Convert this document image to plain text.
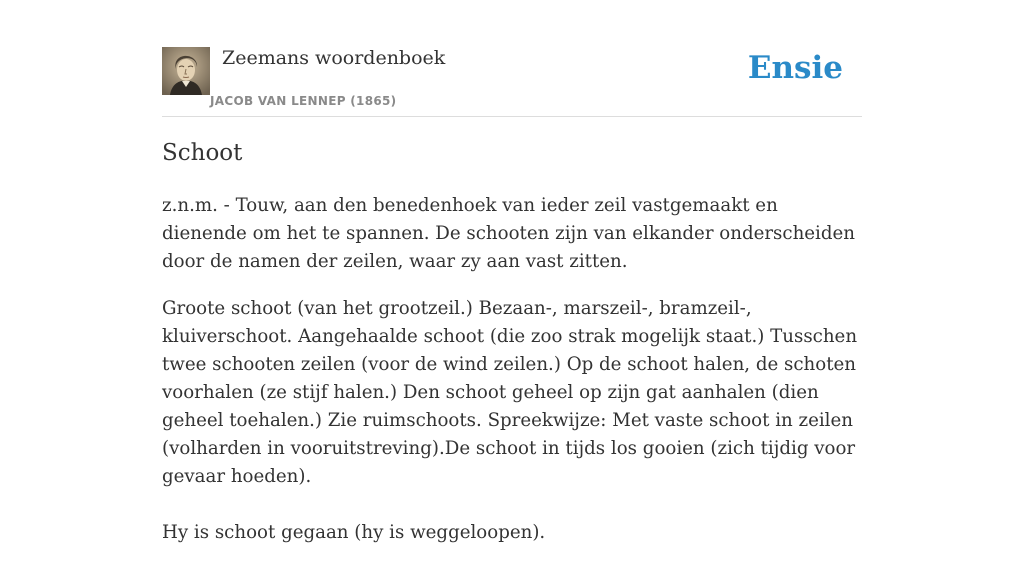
Zeemans woordenboek
JACOB VAN LENNEP (1865)
Ensie
Schoot

z.n.m. - Touw, aan den benedenhoek van ieder zeil vastgemaakt en dienende om het te spannen. De schooten zijn van elkander onderscheiden door de namen der zeilen, waar zy aan vast zitten.

Groote schoot (van het grootzeil.) Bezaan-, marszeil-, bramzeil-, kluiverschoot. Aangehaalde schoot (die zoo strak mogelijk staat.) Tusschen twee schooten zeilen (voor de wind zeilen.) Op de schoot halen, de schoten voorhalen (ze stijf halen.) Den schoot geheel op zijn gat aanhalen (dien geheel toehalen.) Zie ruimschoots. Spreekwijze: Met vaste schoot in zeilen (volharden in vooruitstreving).De schoot in tijds los gooien (zich tijdig voor gevaar hoeden).

Hy is schoot gegaan (hy is weggeloopen).
